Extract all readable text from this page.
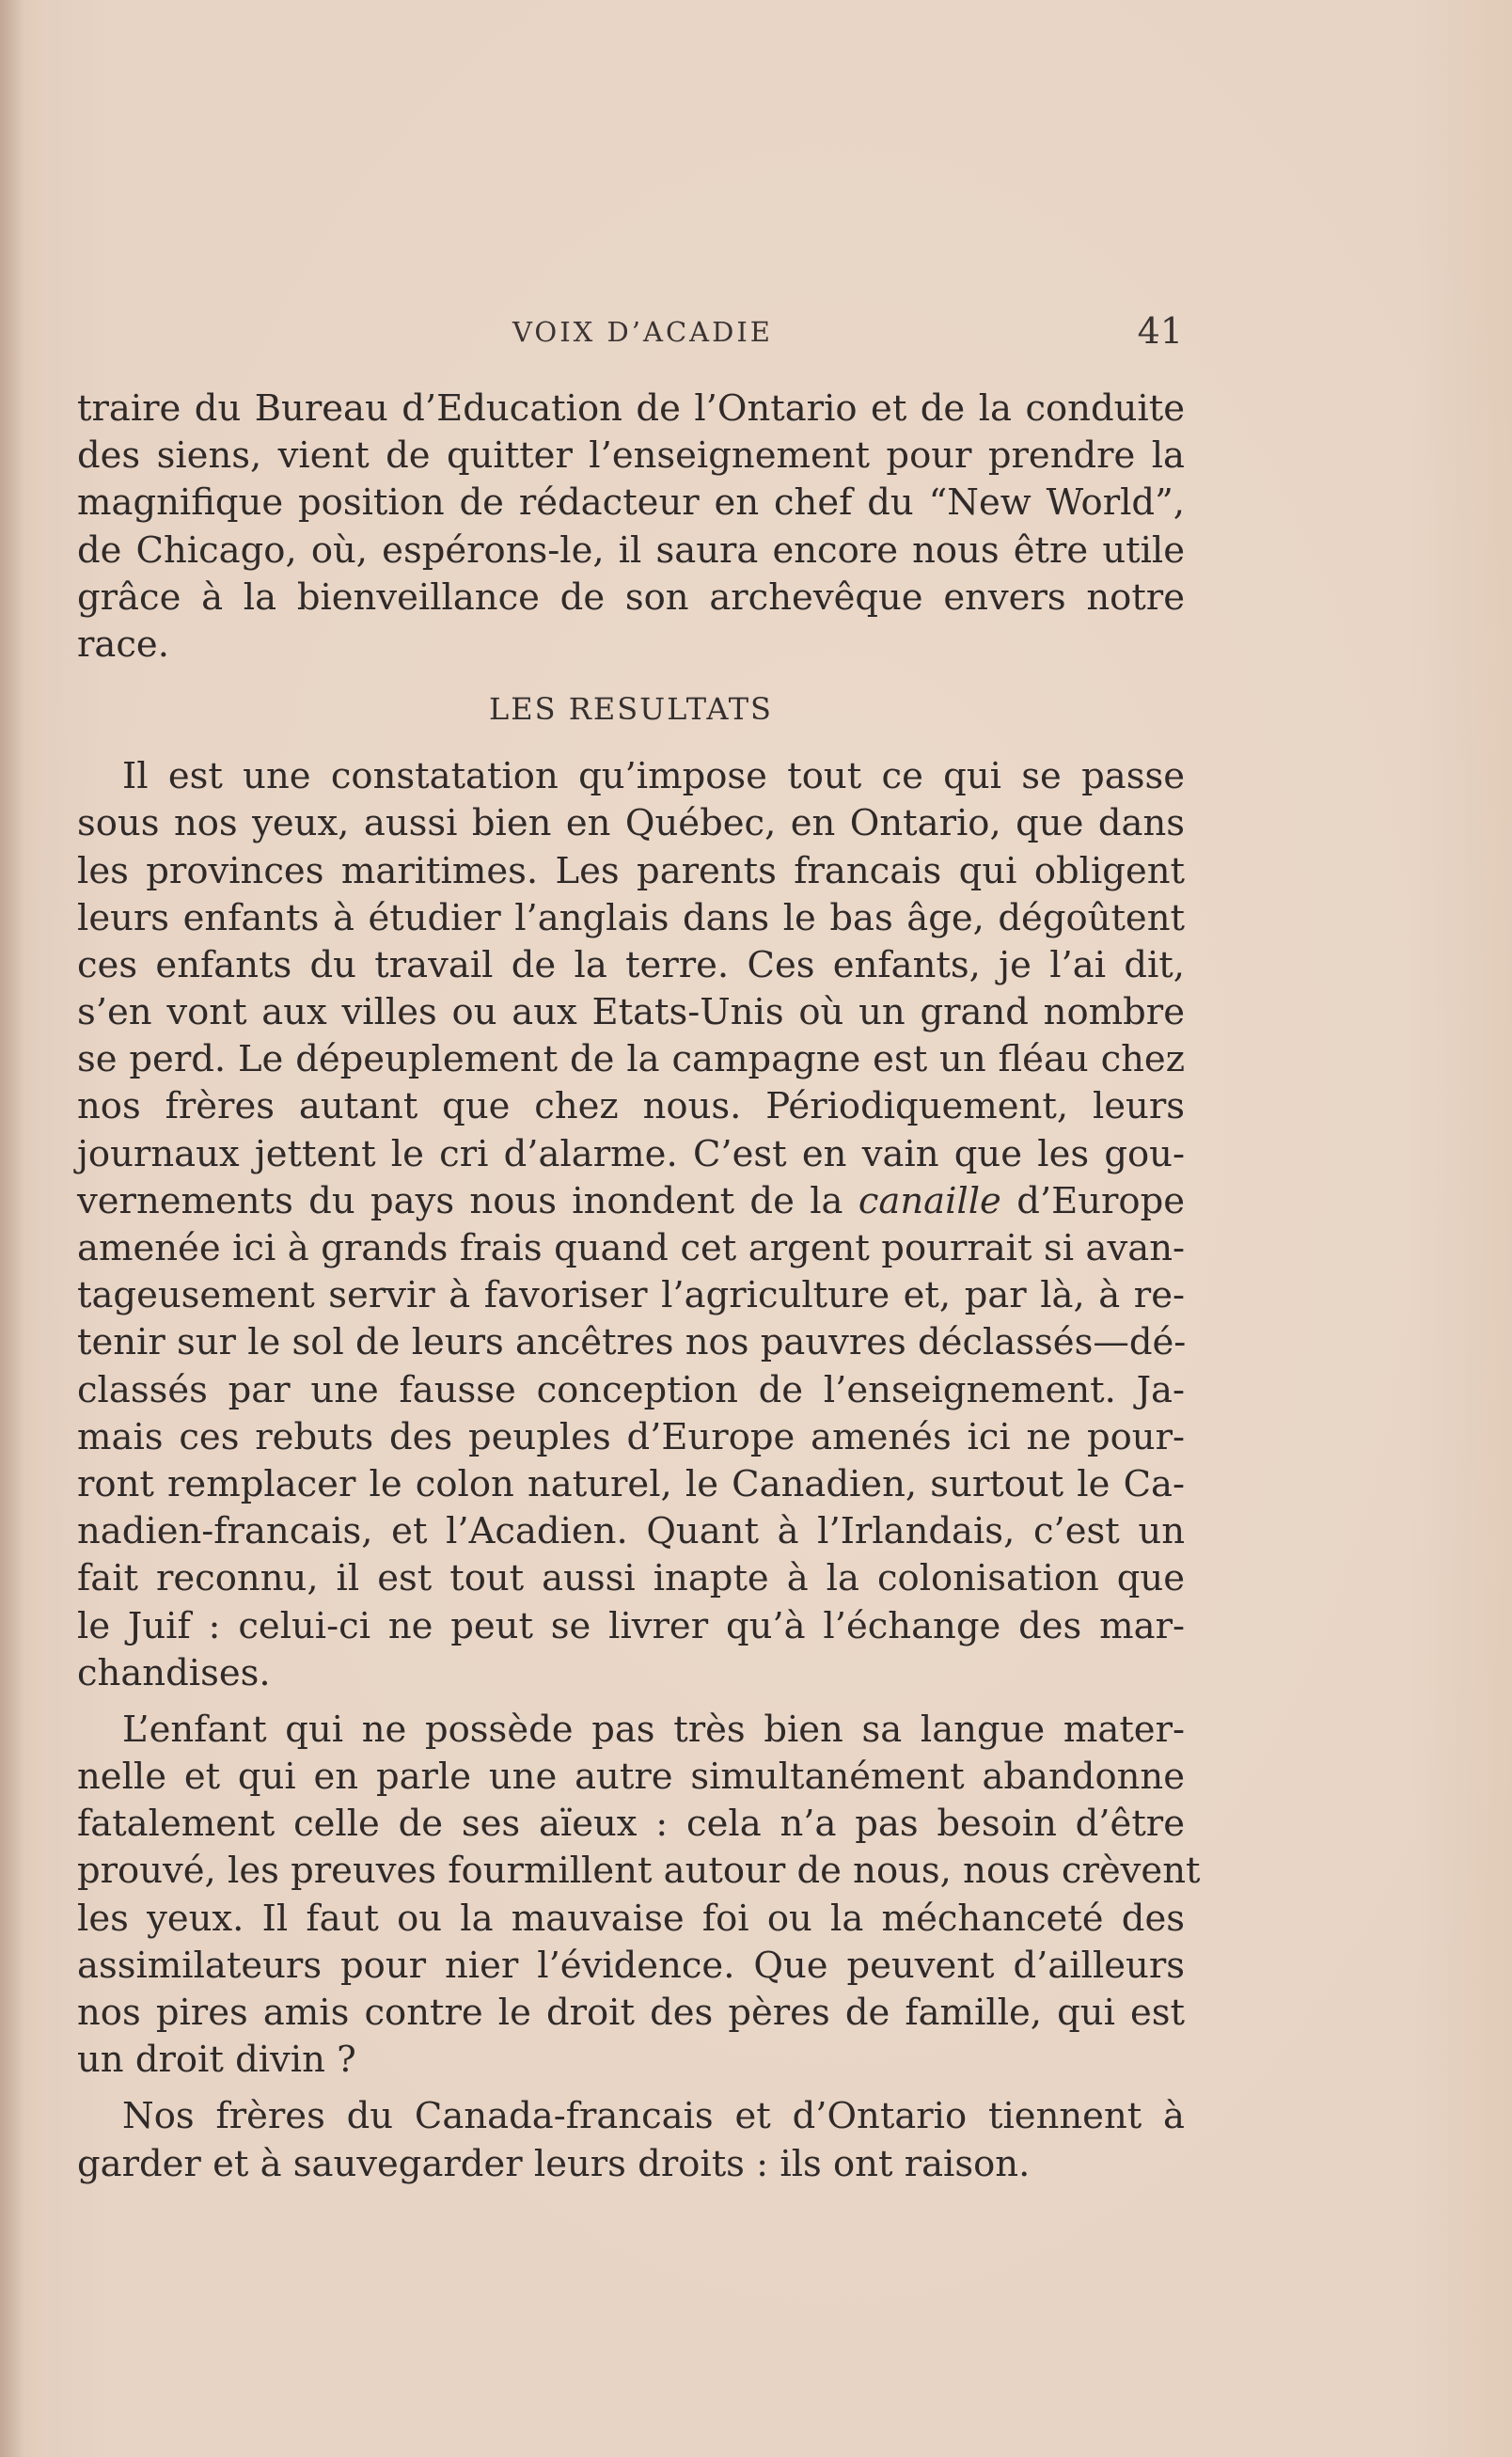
VOIX D’ACADIE	41
traire du Bureau d’Education de l’Ontario et de la conduite
des siens, vient de quitter l’enseignement pour prendre la
magnifique position de rédacteur en chef du “New World”,
de Chicago, où, espérons-le, il saura encore nous être utile
grâce à la bienveillance de son archevêque envers notre
race.
LES RESULTATS
Il est une constatation qu’impose tout ce qui se passe
sous nos yeux, aussi bien en Québec, en Ontario, que dans
les provinces maritimes. Les parents francais qui obligent
leurs enfants à étudier l’anglais dans le bas âge, dégoûtent
ces enfants du travail de la terre. Ces enfants, je l’ai dit,
s’en vont aux villes ou aux Etats-Unis où un grand nombre
se perd. Le dépeuplement de la campagne est un fléau chez
nos frères autant que chez nous. Périodiquement, leurs
journaux jettent le cri d’alarme. C’est en vain que les gou-
vernements du pays nous inondent de la canaille d’Europe
amenée ici à grands frais quand cet argent pourrait si avan-
tageusement servir à favoriser l’agriculture et, par là, à re-
tenir sur le sol de leurs ancêtres nos pauvres déclassés—dé-
classés par une fausse conception de l’enseignement. Ja-
mais ces rebuts des peuples d’Europe amenés ici ne pour-
ront remplacer le colon naturel, le Canadien, surtout le Ca-
nadien-francais, et l’Acadien. Quant à l’Irlandais, c’est un
fait reconnu, il est tout aussi inapte à la colonisation que
le Juif : celui-ci ne peut se livrer qu’à l’échange des mar-
chandises.
L’enfant qui ne possède pas très bien sa langue mater-
nelle et qui en parle une autre simultanément abandonne
fatalement celle de ses aïeux : cela n’a pas besoin d’être
prouvé, les preuves fourmillent autour de nous, nous crèvent
les yeux. Il faut ou la mauvaise foi ou la méchanceté des
assimilateurs pour nier l’évidence. Que peuvent d’ailleurs
nos pires amis contre le droit des pères de famille, qui est
un droit divin ?
Nos frères du Canada-francais et d’Ontario tiennent à
garder et à sauvegarder leurs droits : ils ont raison.
